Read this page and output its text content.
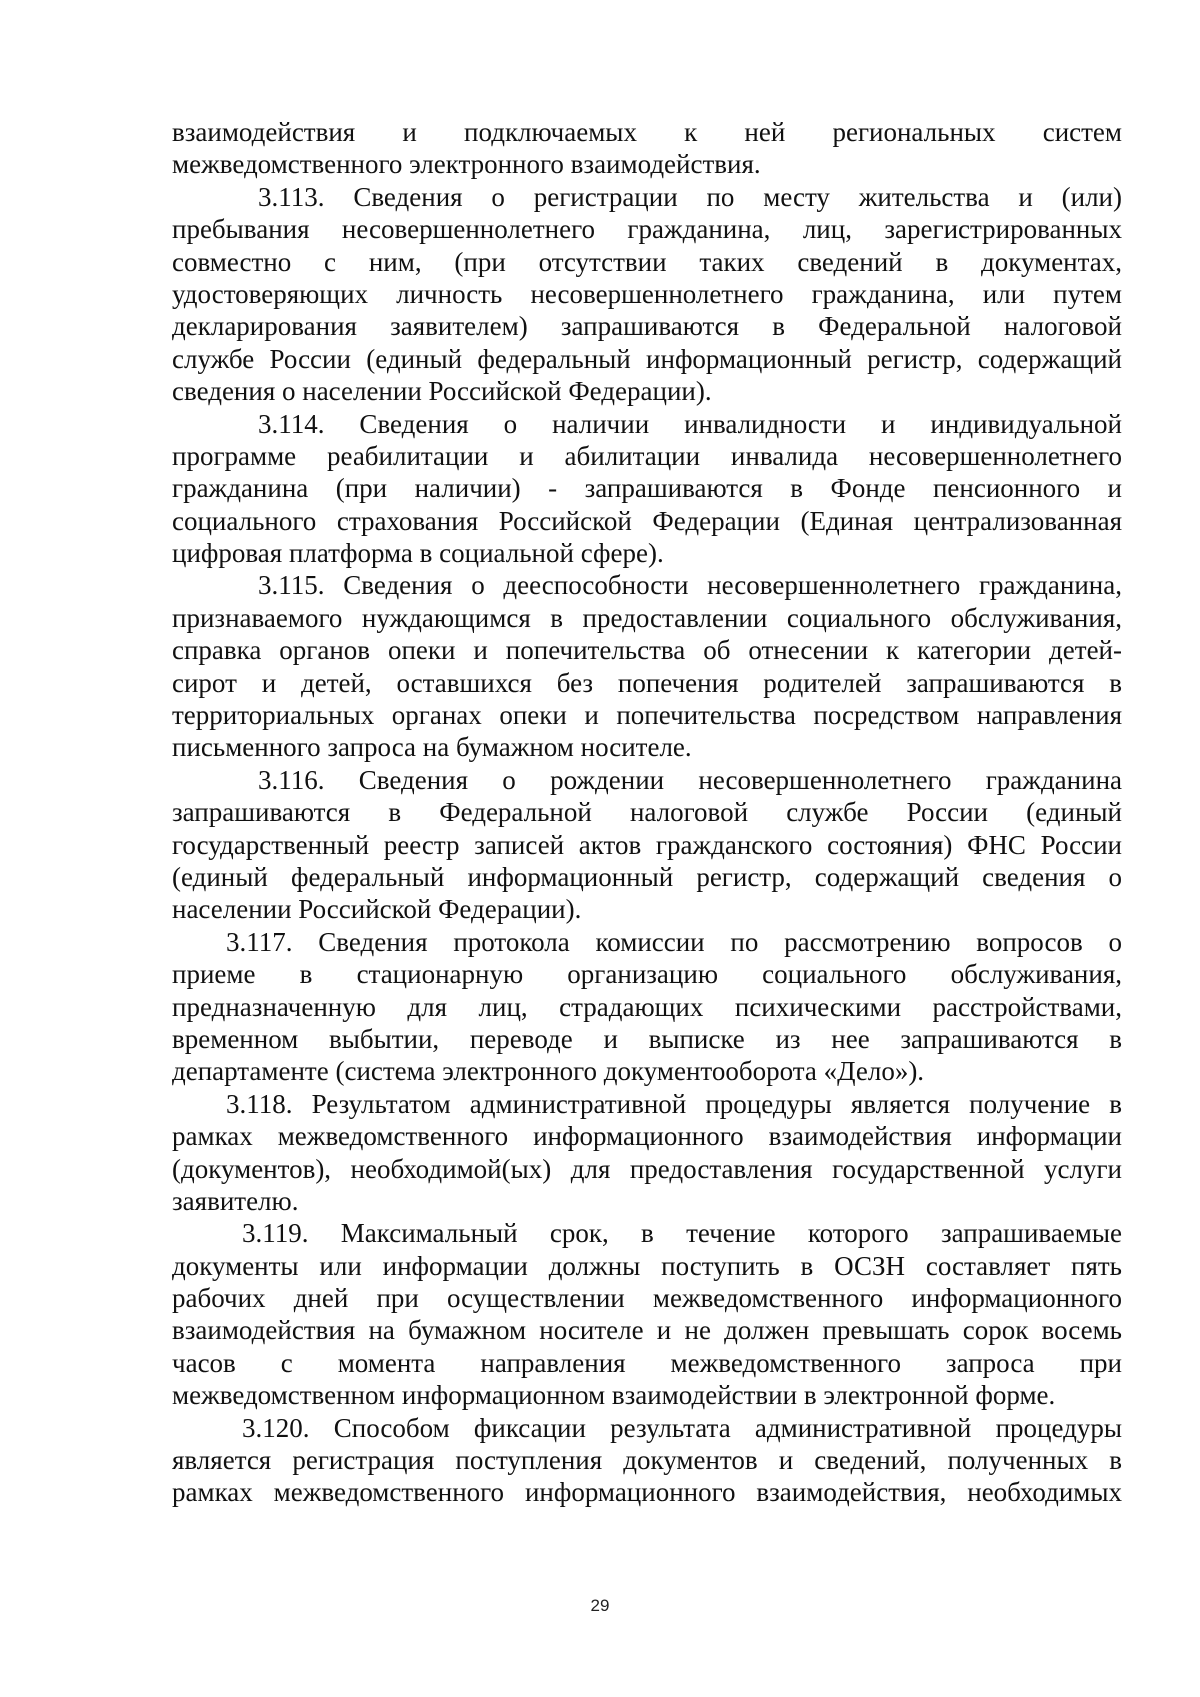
взаимодействия и подключаемых к ней региональных систем
межведомственного электронного взаимодействия.
3.113. Сведения о регистрации по месту жительства и (или)
пребывания несовершеннолетнего гражданина, лиц, зарегистрированных
совместно с ним, (при отсутствии таких сведений в документах,
удостоверяющих личность несовершеннолетнего гражданина, или путем
декларирования заявителем) запрашиваются в Федеральной налоговой
службе России (единый федеральный информационный регистр, содержащий
сведения о населении Российской Федерации).
3.114. Сведения о наличии инвалидности и индивидуальной
программе реабилитации и абилитации инвалида несовершеннолетнего
гражданина (при наличии) - запрашиваются в Фонде пенсионного и
социального страхования Российской Федерации (Единая централизованная
цифровая платформа в социальной сфере).
3.115. Сведения о дееспособности несовершеннолетнего гражданина,
признаваемого нуждающимся в предоставлении социального обслуживания,
справка органов опеки и попечительства об отнесении к категории детей-
сирот и детей, оставшихся без попечения родителей запрашиваются в
территориальных органах опеки и попечительства посредством направления
письменного запроса на бумажном носителе.
3.116. Сведения о рождении несовершеннолетнего гражданина
запрашиваются в Федеральной налоговой службе России (единый
государственный реестр записей актов гражданского состояния) ФНС России
(единый федеральный информационный регистр, содержащий сведения о
населении Российской Федерации).
3.117. Сведения протокола комиссии по рассмотрению вопросов о
приеме в стационарную организацию социального обслуживания,
предназначенную для лиц, страдающих психическими расстройствами,
временном выбытии, переводе и выписке из нее запрашиваются в
департаменте (система электронного документооборота «Дело»).
3.118. Результатом административной процедуры является получение в
рамках межведомственного информационного взаимодействия информации
(документов), необходимой(ых) для предоставления государственной услуги
заявителю.
3.119. Максимальный срок, в течение которого запрашиваемые
документы или информации должны поступить в ОСЗН составляет пять
рабочих дней при осуществлении межведомственного информационного
взаимодействия на бумажном носителе и не должен превышать сорок восемь
часов с момента направления межведомственного запроса при
межведомственном информационном взаимодействии в электронной форме.
3.120. Способом фиксации результата административной процедуры
является регистрация поступления документов и сведений, полученных в
рамках межведомственного информационного взаимодействия, необходимых
29
